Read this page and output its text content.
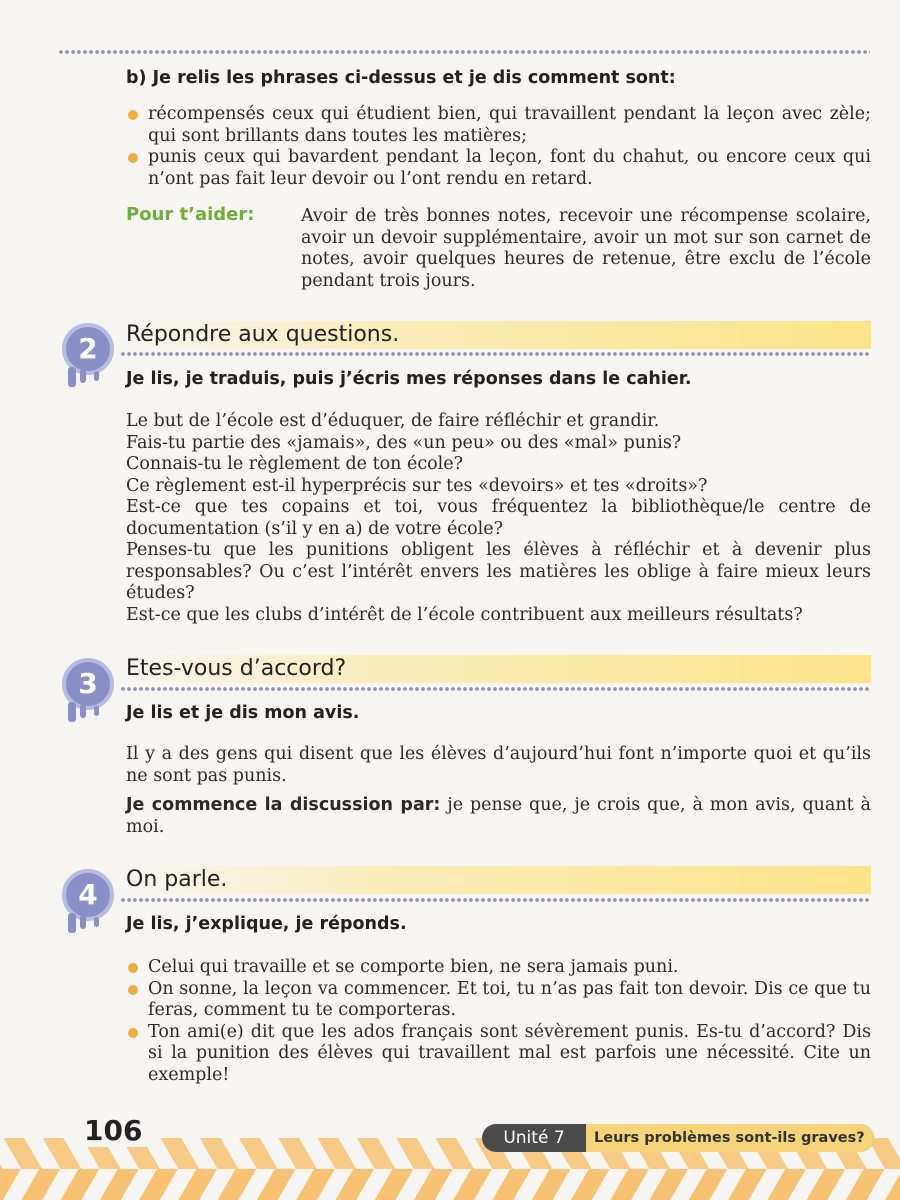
b) Je relis les phrases ci-dessus et je dis comment sont:
récompensés ceux qui étudient bien, qui travaillent pendant la leçon avec zèle; qui sont brillants dans toutes les matières;
punis ceux qui bavardent pendant la leçon, font du chahut, ou encore ceux qui n’ont pas fait leur devoir ou l’ont rendu en retard.
Pour t’aider:	Avoir de très bonnes notes, recevoir une récompense scolaire, avoir un devoir supplémentaire, avoir un mot sur son carnet de notes, avoir quelques heures de retenue, être exclu de l’école pendant trois jours.

2	Répondre aux questions.
Je lis, je traduis, puis j’écris mes réponses dans le cahier.
Le but de l’école est d’éduquer, de faire réfléchir et grandir.
Fais-tu partie des «jamais», des «un peu» ou des «mal» punis?
Connais-tu le règlement de ton école?
Ce règlement est-il hyperprécis sur tes «devoirs» et tes «droits»?
Est-ce que tes copains et toi, vous fréquentez la bibliothèque/le centre de documentation (s’il y en a) de votre école?
Penses-tu que les punitions obligent les élèves à réfléchir et à devenir plus responsables? Ou c’est l’intérêt envers les matières les oblige à faire mieux leurs études?
Est-ce que les clubs d’intérêt de l’école contribuent aux meilleurs résultats?
3	Etes-vous d’accord?
Je lis et je dis mon avis.

Il y a des gens qui disent que les élèves d’aujourd’hui font n’importe quoi et qu’ils ne sont pas punis.

Je commence la discussion par: je pense que, je crois que, à mon avis, quant à moi.

4	On parle.
Je lis, j’explique, je réponds.
Celui qui travaille et se comporte bien, ne sera jamais puni.
On sonne, la leçon va commencer. Et toi, tu n’as pas fait ton devoir. Dis ce que tu feras, comment tu te comporteras.
Ton ami(e) dit que les ados français sont sévèrement punis. Es-tu d’accord? Dis si la punition des élèves qui travaillent mal est parfois une nécessité. Cite un exemple!
106	Unité 7	Leurs problèmes sont-ils graves?
